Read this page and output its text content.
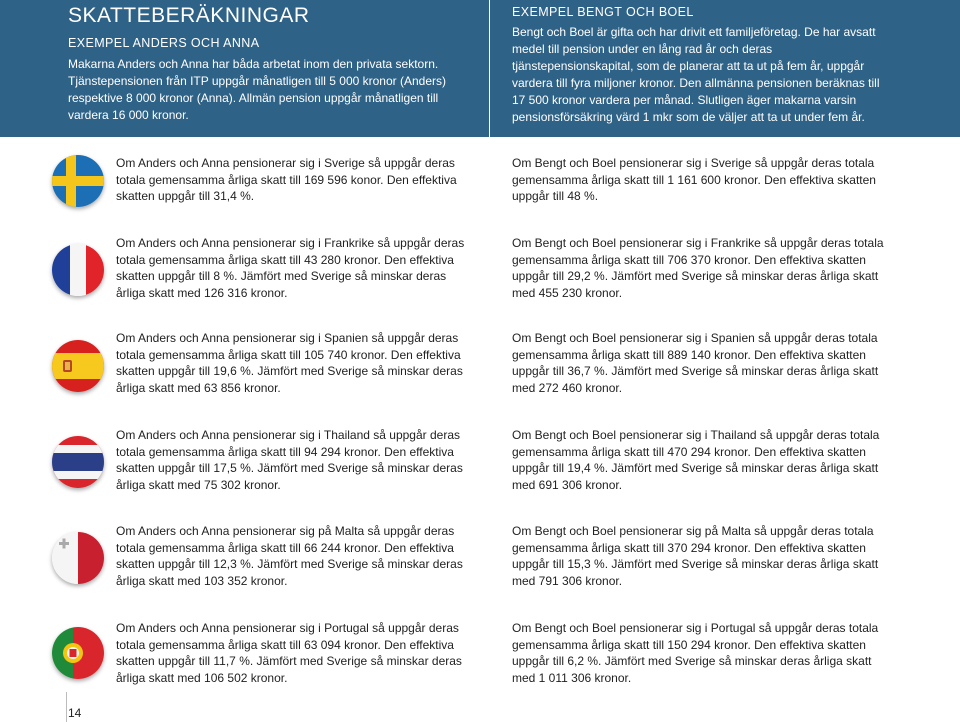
SKATTEBERÄKNINGAR
EXEMPEL ANDERS OCH ANNA

Makarna Anders och Anna har båda arbetat inom den privata sektorn. Tjänstepensionen från ITP uppgår månatligen till 5 000 kronor (Anders) respektive 8 000 kronor (Anna). Allmän pension uppgår månatligen till vardera 16 000 kronor.

EXEMPEL BENGT OCH BOEL

Bengt och Boel är gifta och har drivit ett familjeföretag. De har avsatt medel till pension under en lång rad år och deras tjänstepensionskapital, som de planerar att ta ut på fem år, uppgår vardera till fyra miljoner kronor. Den allmänna pensionen beräknas till 17 500 kronor vardera per månad. Slutligen äger makarna varsin pensionsförsäkring värd 1 mkr som de väljer att ta ut under fem år.

Om Anders och Anna pensionerar sig i Sverige så uppgår deras totala gemensamma årliga skatt till 169 596 konor. Den effektiva skatten uppgår till 31,4 %.

Om Bengt och Boel pensionerar sig i Sverige så uppgår deras totala gemensamma årliga skatt till 1 161 600 kronor. Den effektiva skatten uppgår till 48 %.

Om Anders och Anna pensionerar sig i Frankrike så uppgår deras totala gemensamma årliga skatt till 43 280 kronor. Den effektiva skatten uppgår till 8 %. Jämfört med Sverige så minskar deras årliga skatt med 126 316 kronor.

Om Bengt och Boel pensionerar sig i Frankrike så uppgår deras totala gemensamma årliga skatt till 706 370 kronor. Den effektiva skatten uppgår till 29,2 %. Jämfört med Sverige så minskar deras årliga skatt med 455 230 kronor.

Om Anders och Anna pensionerar sig i Spanien så uppgår deras totala gemensamma årliga skatt till 105 740 kronor. Den effektiva skatten uppgår till 19,6 %. Jämfört med Sverige så minskar deras årliga skatt med 63 856 kronor.

Om Bengt och Boel pensionerar sig i Spanien så uppgår deras totala gemensamma årliga skatt till 889 140 kronor. Den effektiva skatten uppgår till 36,7 %. Jämfört med Sverige så minskar deras årliga skatt med 272 460 kronor.

Om Anders och Anna pensionerar sig i Thailand så uppgår deras totala gemensamma årliga skatt till 94 294 kronor. Den effektiva skatten uppgår till 17,5 %. Jämfört med Sverige så minskar deras årliga skatt med 75 302 kronor.

Om Bengt och Boel pensionerar sig i Thailand så uppgår deras totala gemensamma årliga skatt till 470 294 kronor. Den effektiva skatten uppgår till 19,4 %. Jämfört med Sverige så minskar deras årliga skatt med 691 306 kronor.

Om Anders och Anna pensionerar sig på Malta så uppgår deras totala gemensamma årliga skatt till 66 244 kronor. Den effektiva skatten uppgår till 12,3 %. Jämfört med Sverige så minskar deras årliga skatt med 103 352 kronor.

Om Bengt och Boel pensionerar sig på Malta så uppgår deras totala gemensamma årliga skatt till 370 294 kronor. Den effektiva skatten uppgår till 15,3 %. Jämfört med Sverige så minskar deras årliga skatt med 791 306 kronor.

Om Anders och Anna pensionerar sig i Portugal så uppgår deras totala gemensamma årliga skatt till 63 094 kronor. Den effektiva skatten uppgår till 11,7 %. Jämfört med Sverige så minskar deras årliga skatt med 106 502 kronor.

Om Bengt och Boel pensionerar sig i Portugal så uppgår deras totala gemensamma årliga skatt till 150 294 kronor. Den effektiva skatten uppgår till 6,2 %. Jämfört med Sverige så minskar deras årliga skatt med 1 011 306 kronor.

14
